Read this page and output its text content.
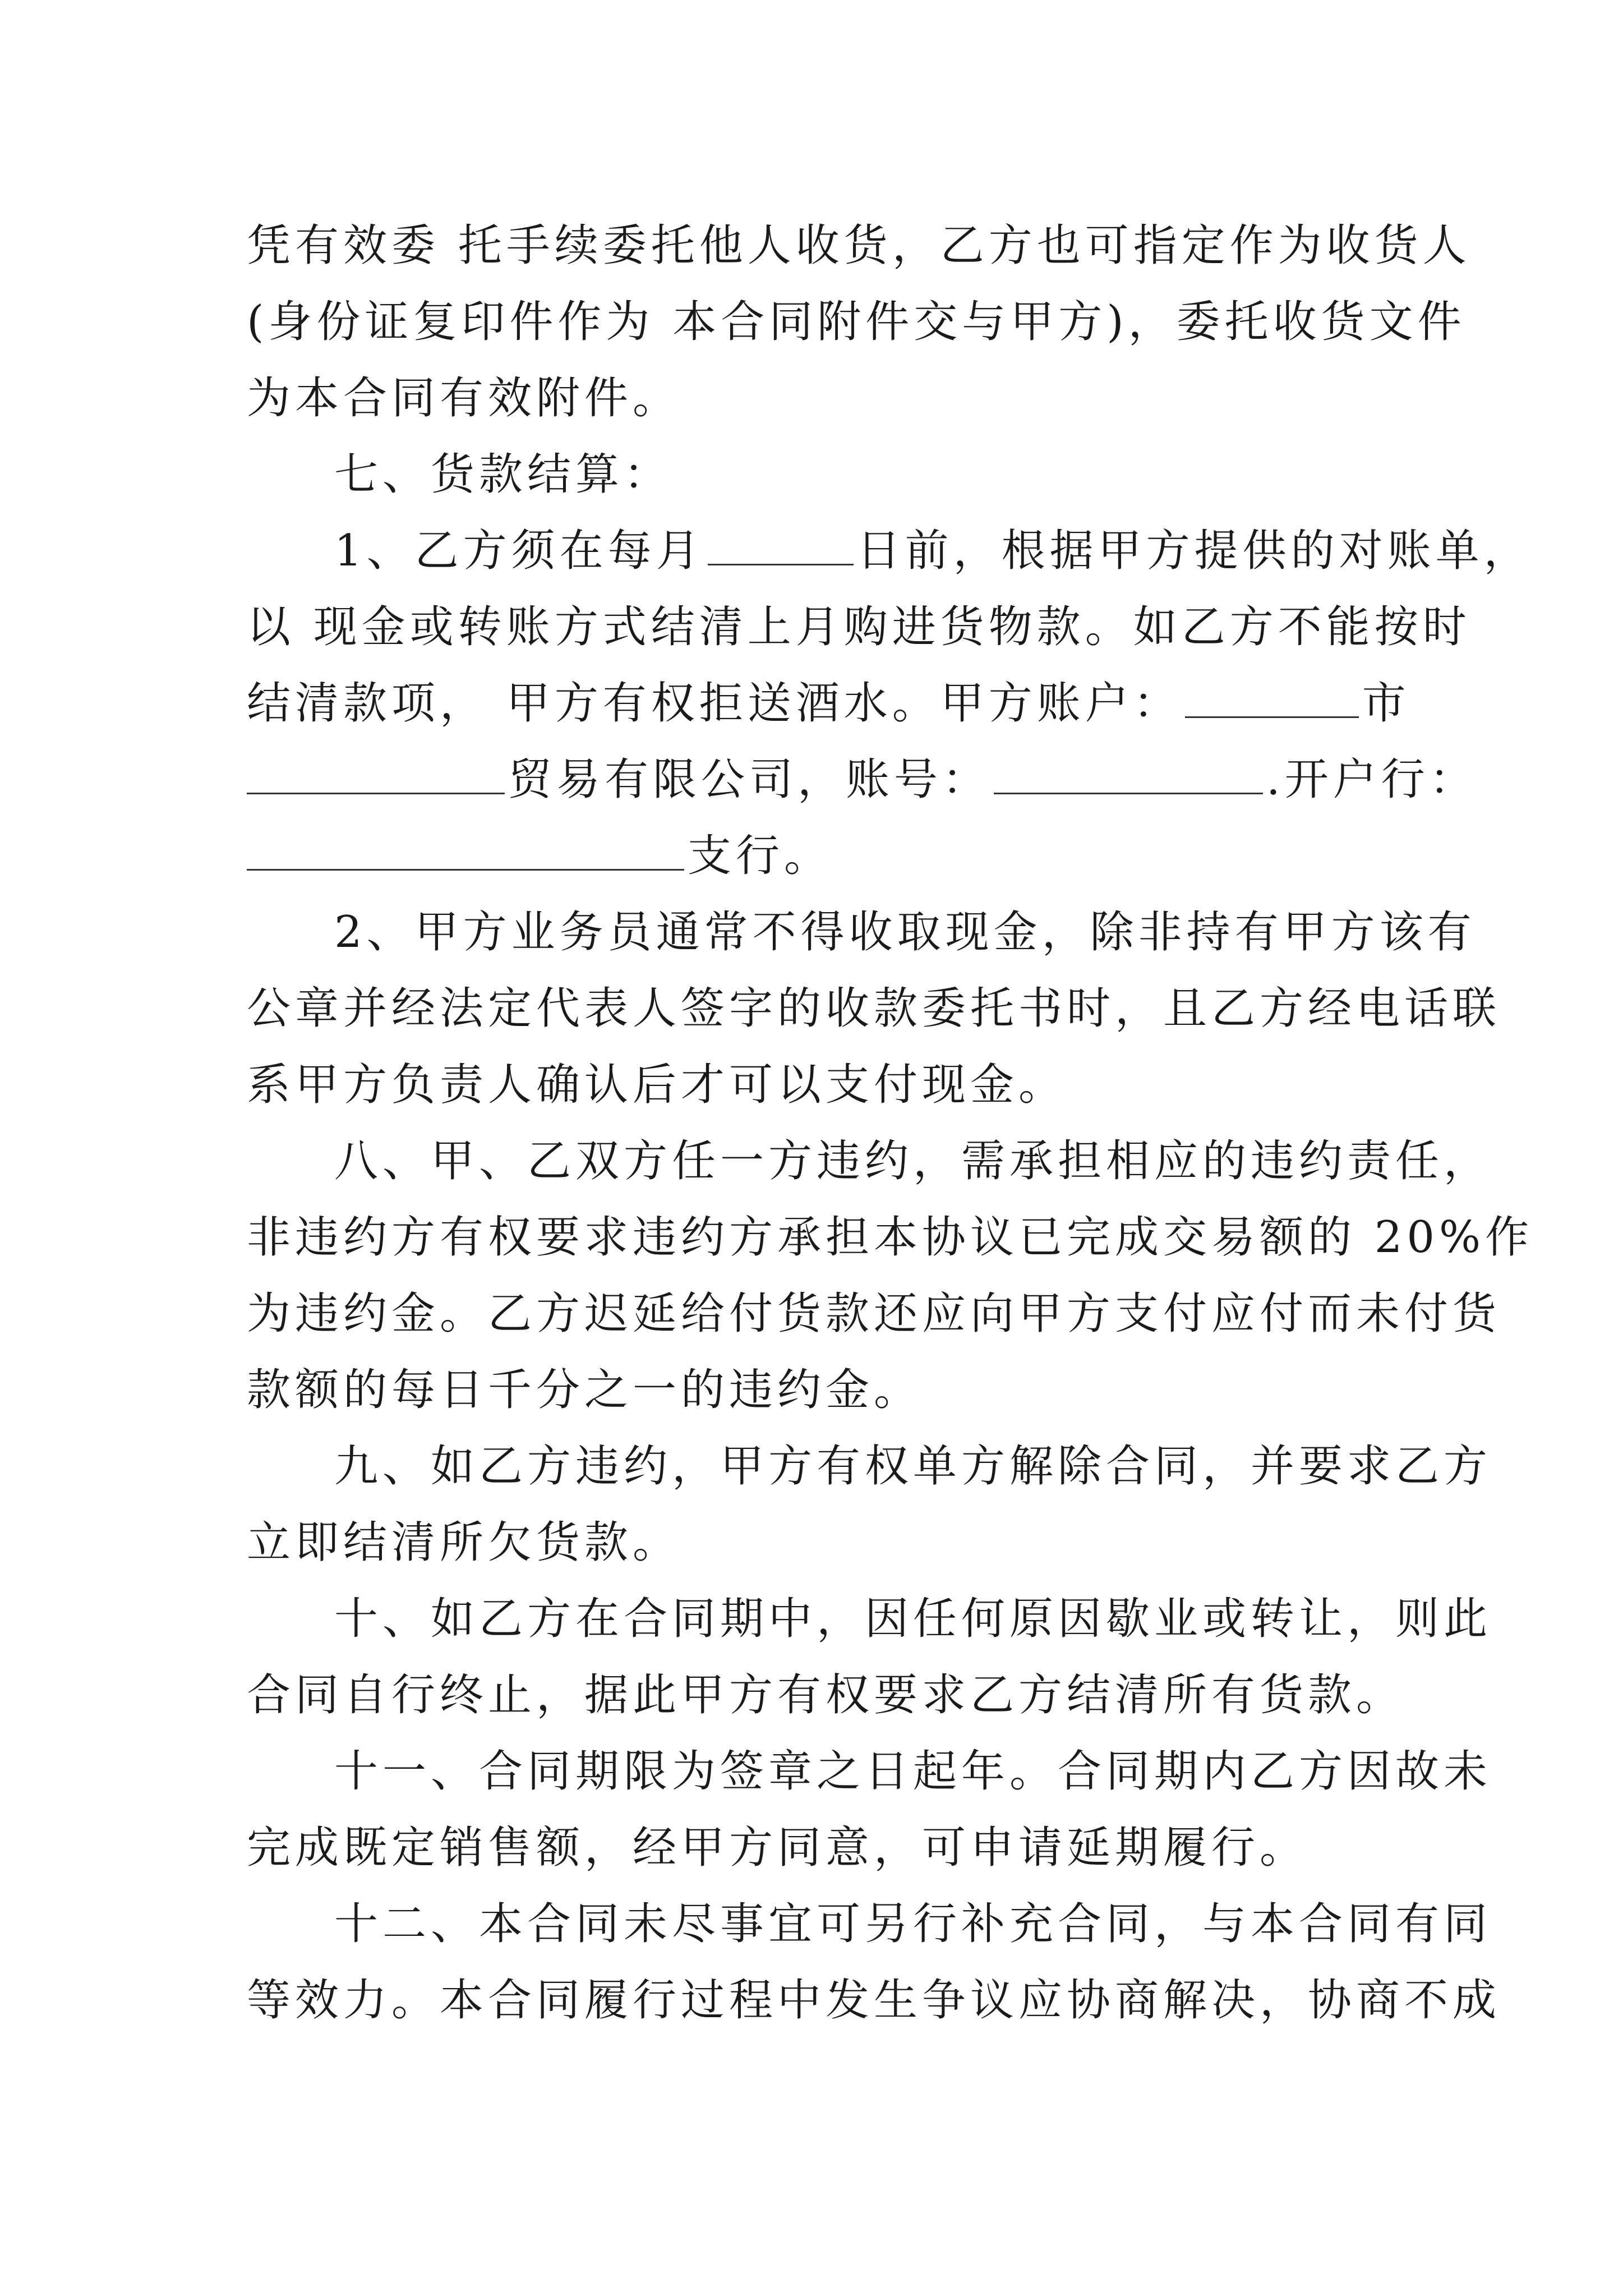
凭有效委 托手续委托他人收货，乙方也可指定作为收货人
(身份证复印件作为 本合同附件交与甲方)，委托收货文件
为本合同有效附件。
七、货款结算：
1、乙方须在每月	日前，根据甲方提供的对账单，
以 现金或转账方式结清上月购进货物款。如乙方不能按时
结清款项， 甲方有权拒送酒水。甲方账户：	市
贸易有限公司，账号：	.开户行：
支行。
2、甲方业务员通常不得收取现金，除非持有甲方该有
公章并经法定代表人签字的收款委托书时，且乙方经电话联
系甲方负责人确认后才可以支付现金。
八、甲、乙双方任一方违约，需承担相应的违约责任，
非违约方有权要求违约方承担本协议已完成交易额的 20%作
为违约金。乙方迟延给付货款还应向甲方支付应付而未付货
款额的每日千分之一的违约金。
九、如乙方违约，甲方有权单方解除合同，并要求乙方
立即结清所欠货款。
十、如乙方在合同期中，因任何原因歇业或转让，则此
合同自行终止，据此甲方有权要求乙方结清所有货款。
十一、合同期限为签章之日起年。合同期内乙方因故未
完成既定销售额，经甲方同意，可申请延期履行。
十二、本合同未尽事宜可另行补充合同，与本合同有同
等效力。本合同履行过程中发生争议应协商解决，协商不成
